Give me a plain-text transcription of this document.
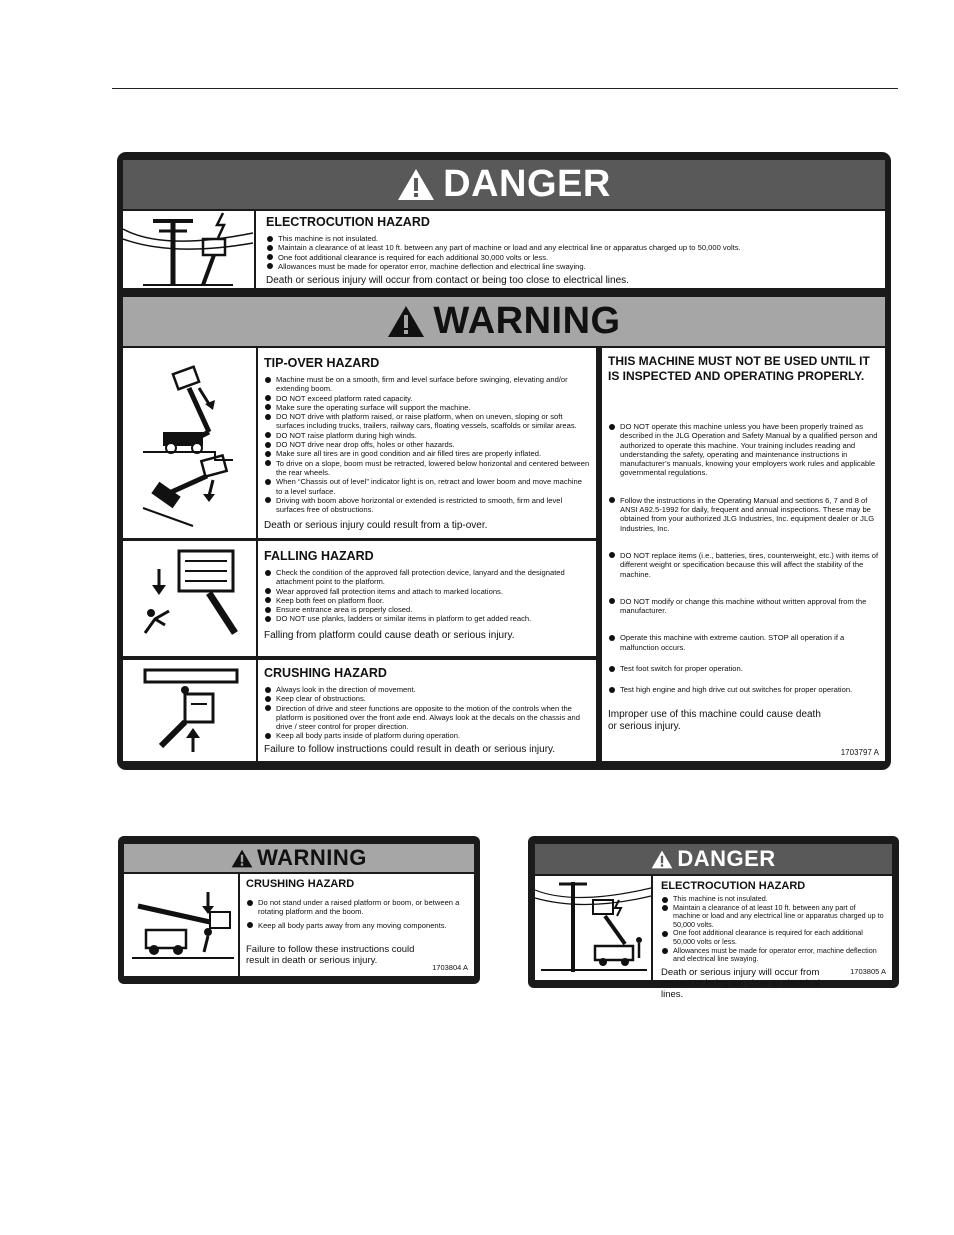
DANGER
ELECTROCUTION HAZARD
This machine is not insulated.
Maintain a clearance of at least 10 ft. between any part of machine or load and any electrical line or apparatus charged up to 50,000 volts.
One foot additional clearance is required for each additional 30,000 volts or less.
Allowances must be made for operator error, machine deflection and electrical line swaying.
Death or serious injury will occur from contact or being too close to electrical lines.
WARNING
TIP-OVER HAZARD
Machine must be on a smooth, firm and level surface before swinging, elevating and/or extending boom.
DO NOT exceed platform rated capacity.
Make sure the operating surface will support the machine.
DO NOT drive with platform raised, or raise platform, when on uneven, sloping or soft surfaces including trucks, trailers, railway cars, floating vessels, scaffolds or similar areas.
DO NOT raise platform during high winds.
DO NOT drive near drop offs, holes or other hazards.
Make sure all tires are in good condition and air filled tires are properly inflated.
To drive on a slope, boom must be retracted, lowered below horizontal and centered between the rear wheels.
When “Chassis out of level” indicator light is on, retract and lower boom and move machine to a level surface.
Driving with boom above horizontal or extended is restricted to smooth, firm and level surfaces free of obstructions.
Death or serious injury could result from a tip-over.
FALLING HAZARD
Check the condition of the approved fall protection device, lanyard and the designated attachment point to the platform.
Wear approved fall protection items and attach to marked locations.
Keep both feet on platform floor.
Ensure entrance area is properly closed.
DO NOT use planks, ladders or similar items in platform to get added reach.
Falling from platform could cause death or serious injury.
CRUSHING HAZARD
Always look in the direction of movement.
Keep clear of obstructions.
Direction of drive and steer functions are opposite to the motion of the controls when the platform is positioned over the front axle end. Always look at the decals on the chassis and drive / steer control for proper direction.
Keep all body parts inside of platform during operation.
Failure to follow instructions could result in death or serious injury.
THIS MACHINE MUST NOT BE USED UNTIL IT IS INSPECTED AND OPERATING PROPERLY.
DO NOT operate this machine unless you have been properly trained as described in the JLG Operation and Safety Manual by a qualified person and authorized to operate this machine. Your training includes reading and understanding the safety, operating and maintenance instructions in manufacturer’s manuals, knowing your employers work rules and applicable governmental regulations.
Follow the instructions in the Operating Manual and sections 6, 7 and 8 of ANSI A92.5-1992 for daily, frequent and annual inspections. These may be obtained from your authorized JLG Industries, Inc. equipment dealer or JLG Industries, Inc.
DO NOT replace items (i.e., batteries, tires, counterweight, etc.) with items of different weight or specification because this will affect the stability of the machine.
DO NOT modify or change this machine without written approval from the manufacturer.
Operate this machine with extreme caution. STOP all operation if a malfunction occurs.
Test foot switch for proper operation.
Test high engine and high drive cut out switches for proper operation.
Improper use of this machine could cause death or serious injury.
1703797 A
WARNING
CRUSHING HAZARD
Do not stand under a raised platform or boom, or between a rotating platform and the boom.
Keep all body parts away from any moving components.
Failure to follow these instructions could result in death or serious injury.
1703804 A
DANGER
ELECTROCUTION HAZARD
This machine is not insulated.
Maintain a clearance of at least 10 ft. between any part of machine or load and any electrical line or apparatus charged up to 50,000 volts.
One foot additional clearance is required for each additional 50,000 volts or less.
Allowances must be made for operator error, machine deflection and electrical line swaying.
Death or serious injury will occur from contact or being too close to electrical lines.
1703805 A
